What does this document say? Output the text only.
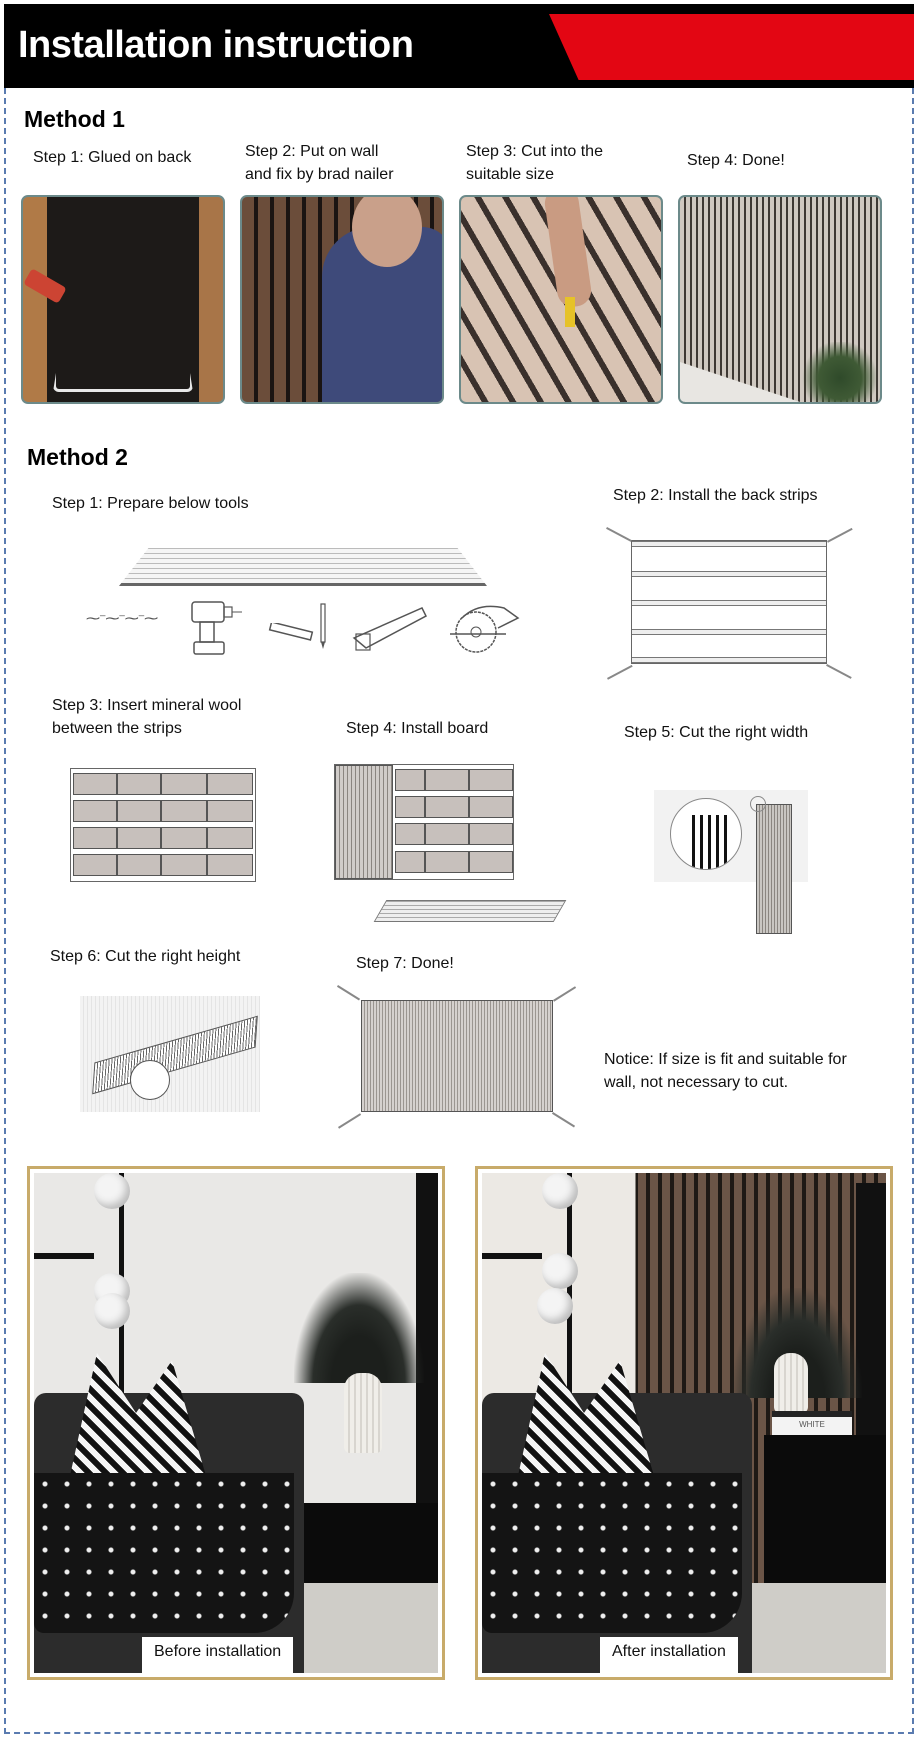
Installation instruction
Method 1
Step 1: Glued on back	Step 2: Put on wall
and fix by brad nailer
Step 3: Cut into the
suitable size
Step 4: Done!
Method 2
Step 1: Prepare below tools	Step 2: Install the back strips
⁓⁻⁓⁻⁓⁻⁓
Step 3: Insert mineral wool
between the strips	Step 4: Install board	Step 5: Cut the right width
Step 6: Cut the right height	Step 7: Done!
Notice: If size is fit and suitable for
wall, not necessary to cut.
Before installation
WHITE
After installation
